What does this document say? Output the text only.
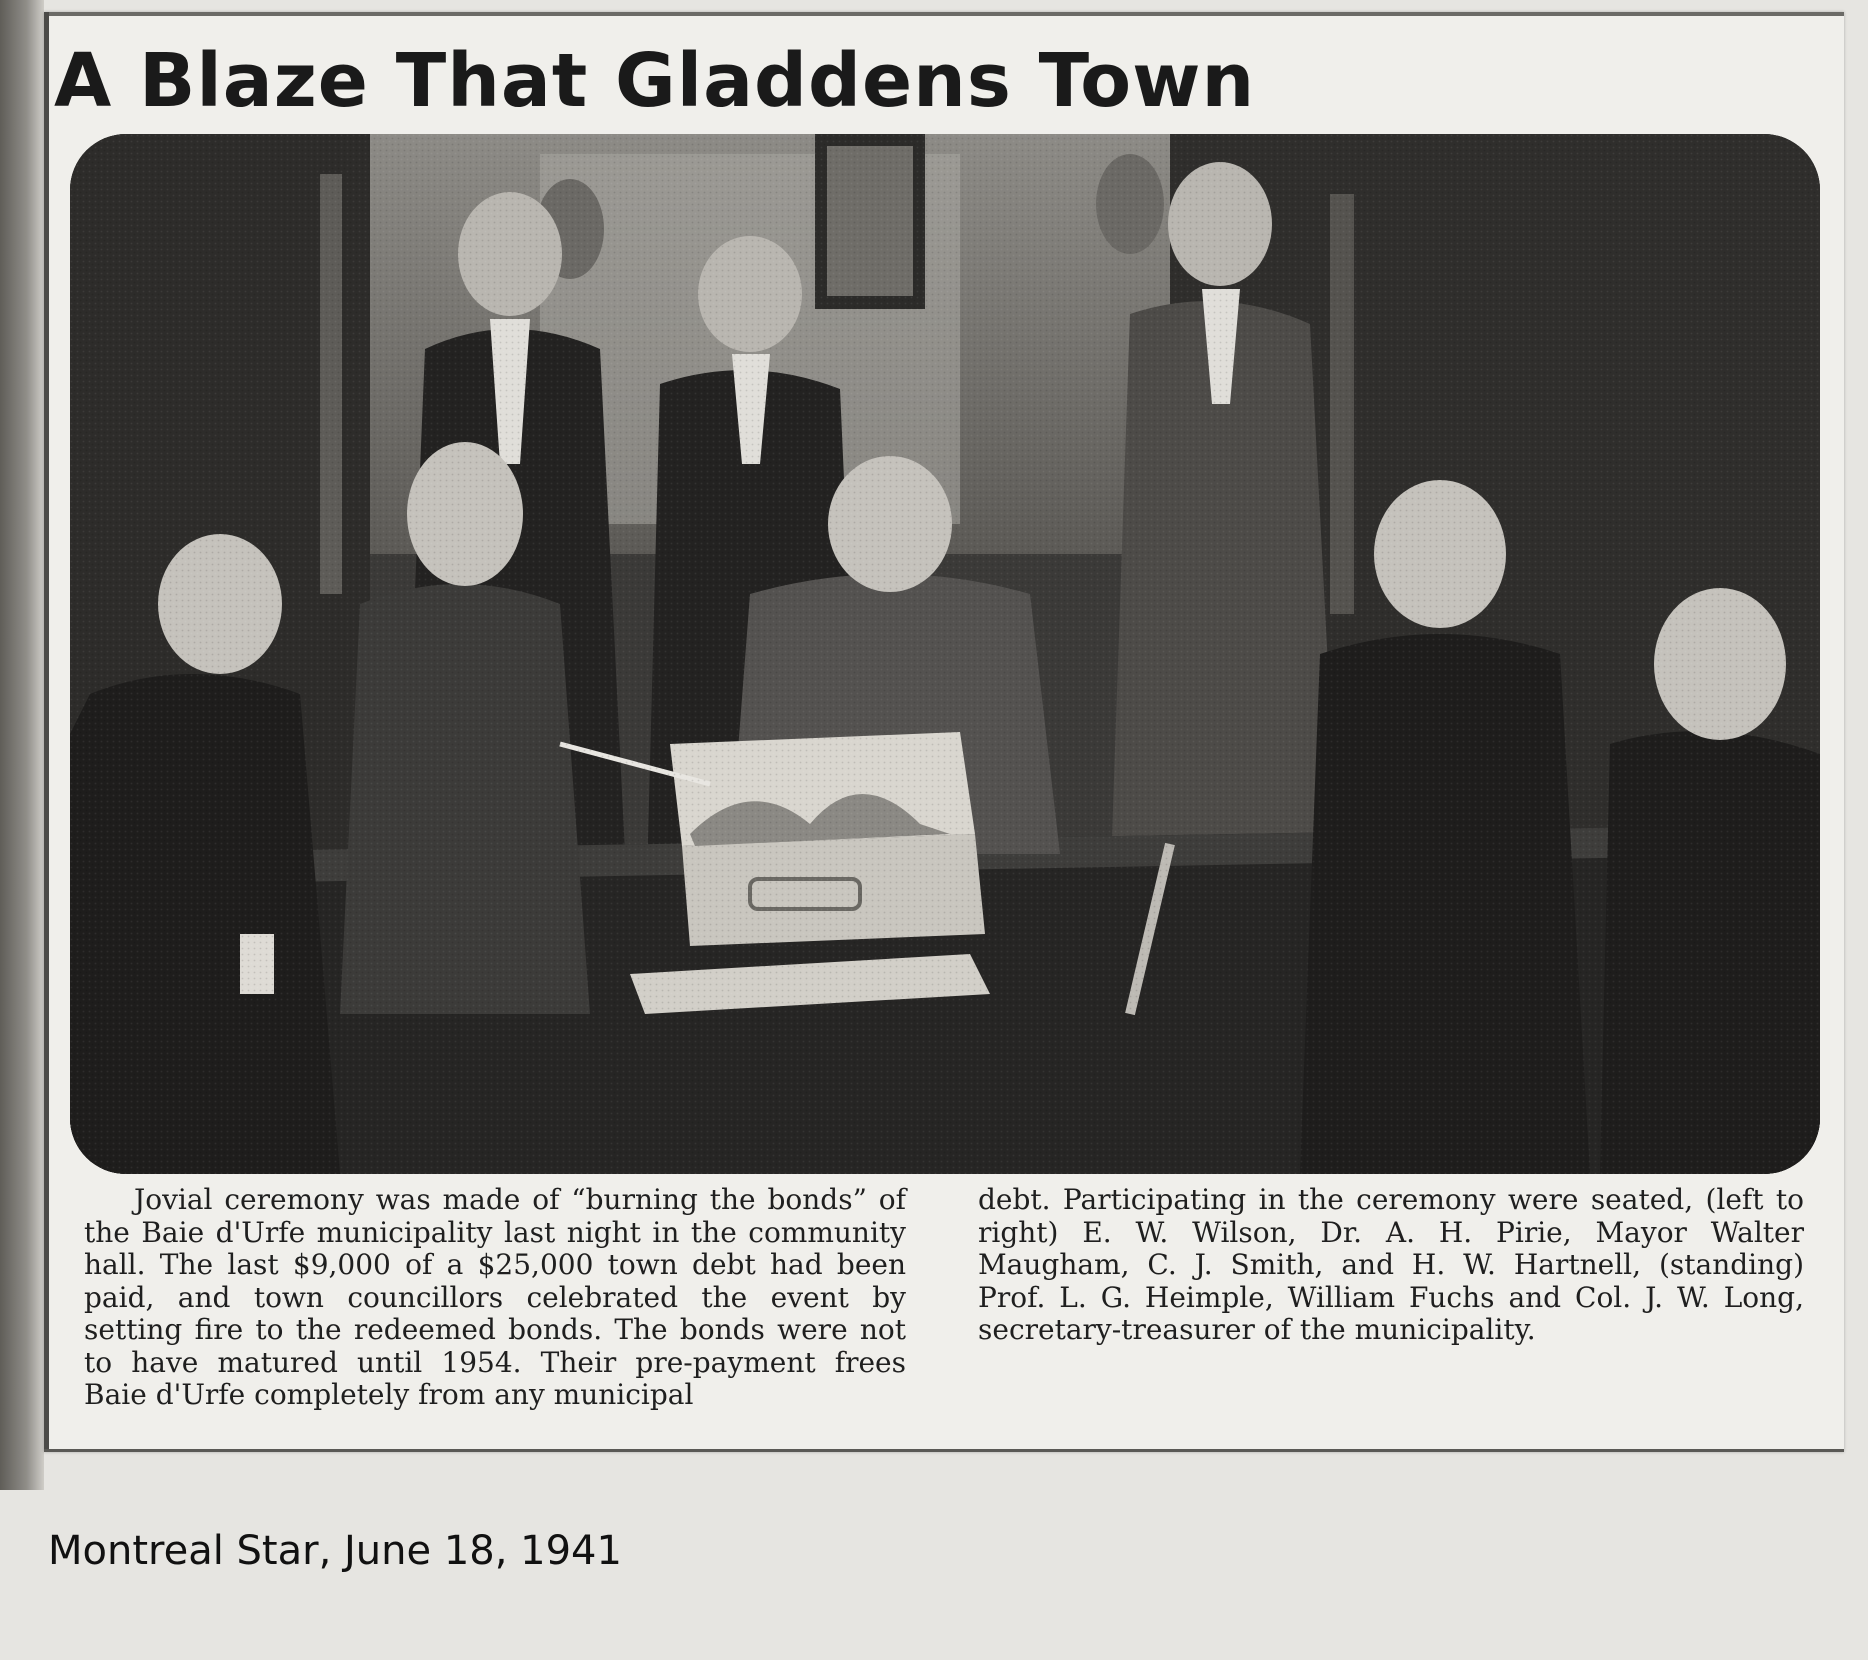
A Blaze That Gladdens Town

Jovial ceremony was made of “burning the bonds” of the Baie d'Urfe municipality last night in the community hall. The last $9,000 of a $25,000 town debt had been paid, and town councillors celebrated the event by setting fire to the redeemed bonds. The bonds were not to have matured until 1954. Their pre-payment frees Baie d'Urfe completely from any municipal

debt. Participating in the ceremony were seated, (left to right) E. W. Wilson, Dr. A. H. Pirie, Mayor Walter Maugham, C. J. Smith, and H. W. Hartnell, (standing) Prof. L. G. Heimple, William Fuchs and Col. J. W. Long, secretary-treasurer of the municipality.

Montreal Star, June 18, 1941
